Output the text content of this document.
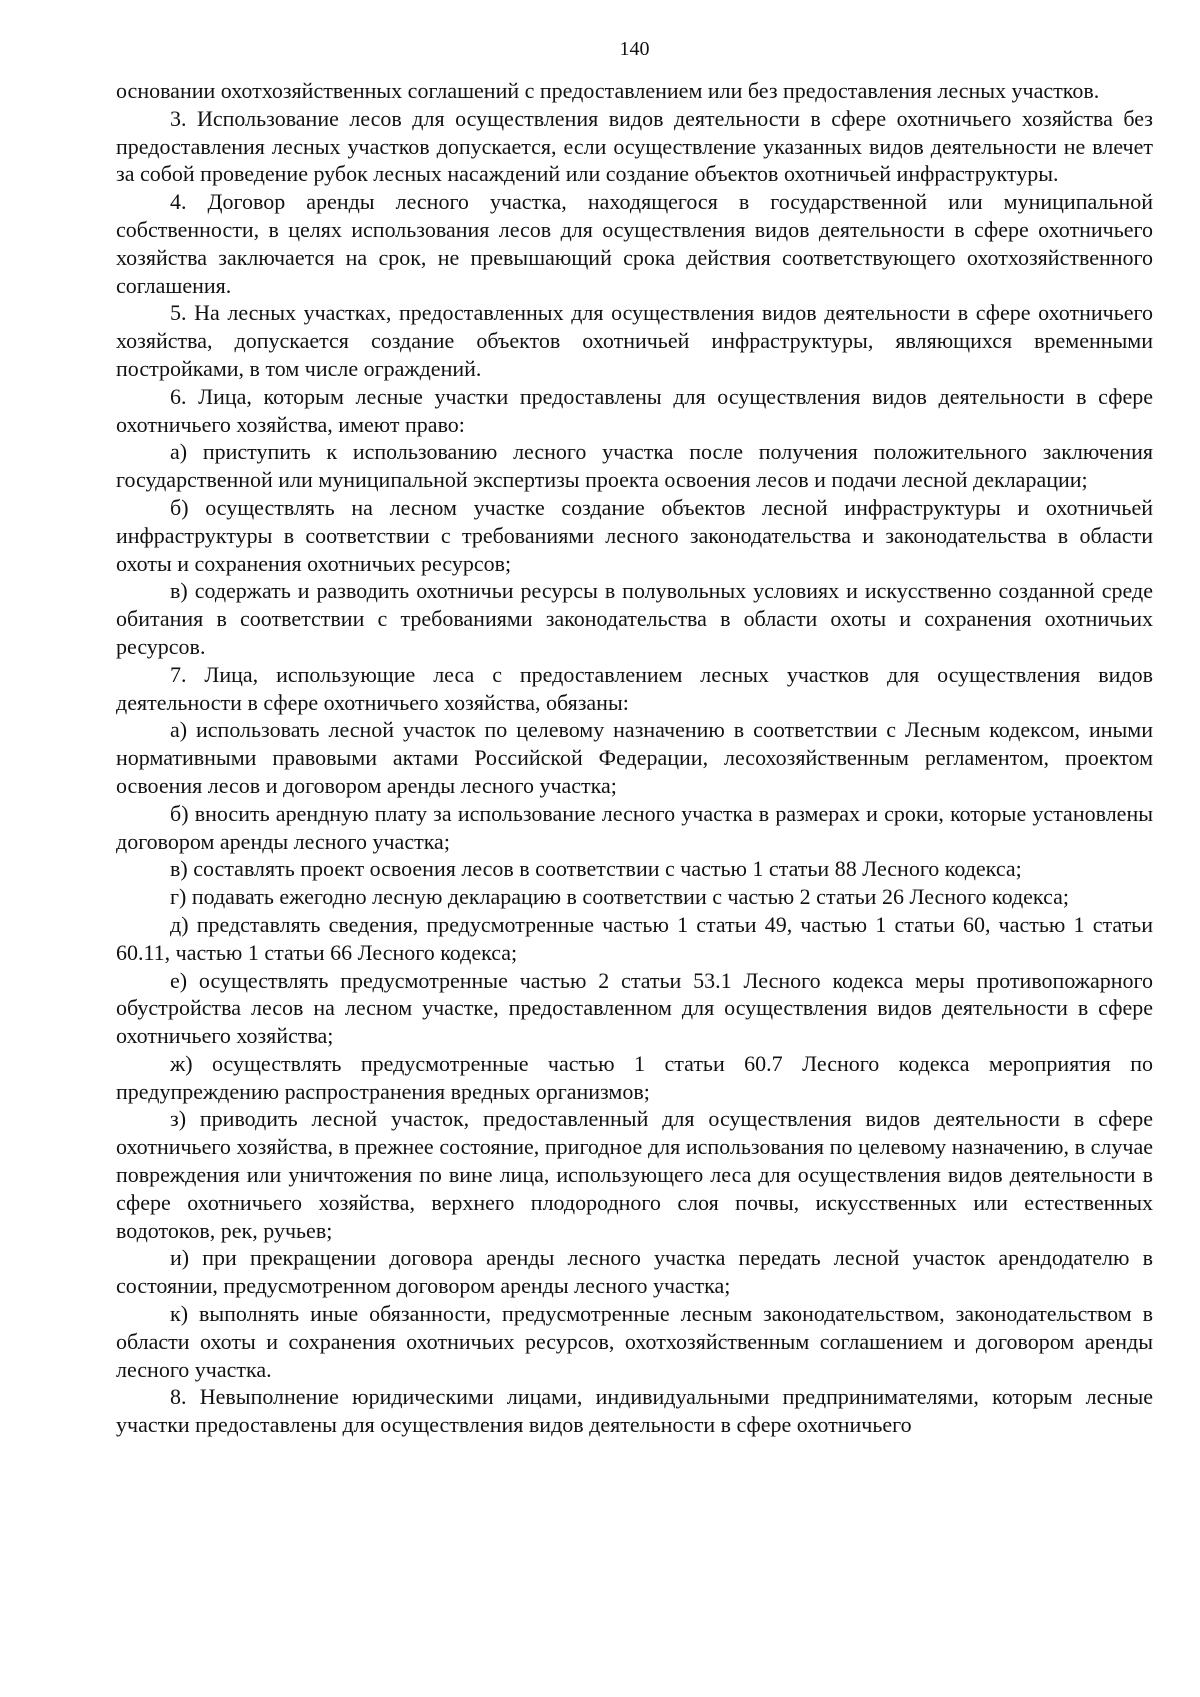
140

основании охотхозяйственных соглашений с предоставлением или без предоставления лесных участков.

3. Использование лесов для осуществления видов деятельности в сфере охотничьего хозяйства без предоставления лесных участков допускается, если осуществление указанных видов деятельности не влечет за собой проведение рубок лесных насаждений или создание объектов охотничьей инфраструктуры.

4. Договор аренды лесного участка, находящегося в государственной или муниципальной собственности, в целях использования лесов для осуществления видов деятельности в сфере охотничьего хозяйства заключается на срок, не превышающий срока действия соответствующего охотхозяйственного соглашения.

5. На лесных участках, предоставленных для осуществления видов деятельности в сфере охотничьего хозяйства, допускается создание объектов охотничьей инфраструктуры, являющихся временными постройками, в том числе ограждений.

6. Лица, которым лесные участки предоставлены для осуществления видов деятельности в сфере охотничьего хозяйства, имеют право:

а) приступить к использованию лесного участка после получения положительного заключения государственной или муниципальной экспертизы проекта освоения лесов и подачи лесной декларации;

б) осуществлять на лесном участке создание объектов лесной инфраструктуры и охотничьей инфраструктуры в соответствии с требованиями лесного законодательства и законодательства в области охоты и сохранения охотничьих ресурсов;

в) содержать и разводить охотничьи ресурсы в полувольных условиях и искусственно созданной среде обитания в соответствии с требованиями законодательства в области охоты и сохранения охотничьих ресурсов.

7. Лица, использующие леса с предоставлением лесных участков для осуществления видов деятельности в сфере охотничьего хозяйства, обязаны:

а) использовать лесной участок по целевому назначению в соответствии с Лесным кодексом, иными нормативными правовыми актами Российской Федерации, лесохозяйственным регламентом, проектом освоения лесов и договором аренды лесного участка;

б) вносить арендную плату за использование лесного участка в размерах и сроки, которые установлены договором аренды лесного участка;

в) составлять проект освоения лесов в соответствии с частью 1 статьи 88 Лесного кодекса;

г) подавать ежегодно лесную декларацию в соответствии с частью 2 статьи 26 Лесного кодекса;

д) представлять сведения, предусмотренные частью 1 статьи 49, частью 1 статьи 60, частью 1 статьи 60.11, частью 1 статьи 66 Лесного кодекса;

е) осуществлять предусмотренные частью 2 статьи 53.1 Лесного кодекса меры противопожарного обустройства лесов на лесном участке, предоставленном для осуществления видов деятельности в сфере охотничьего хозяйства;

ж) осуществлять предусмотренные частью 1 статьи 60.7 Лесного кодекса мероприятия по предупреждению распространения вредных организмов;

з) приводить лесной участок, предоставленный для осуществления видов деятельности в сфере охотничьего хозяйства, в прежнее состояние, пригодное для использования по целевому назначению, в случае повреждения или уничтожения по вине лица, использующего леса для осуществления видов деятельности в сфере охотничьего хозяйства, верхнего плодородного слоя почвы, искусственных или естественных водотоков, рек, ручьев;

и) при прекращении договора аренды лесного участка передать лесной участок арендодателю в состоянии, предусмотренном договором аренды лесного участка;

к) выполнять иные обязанности, предусмотренные лесным законодательством, законодательством в области охоты и сохранения охотничьих ресурсов, охотхозяйственным соглашением и договором аренды лесного участка.

8. Невыполнение юридическими лицами, индивидуальными предпринимателями, которым лесные участки предоставлены для осуществления видов деятельности в сфере охотничьего
